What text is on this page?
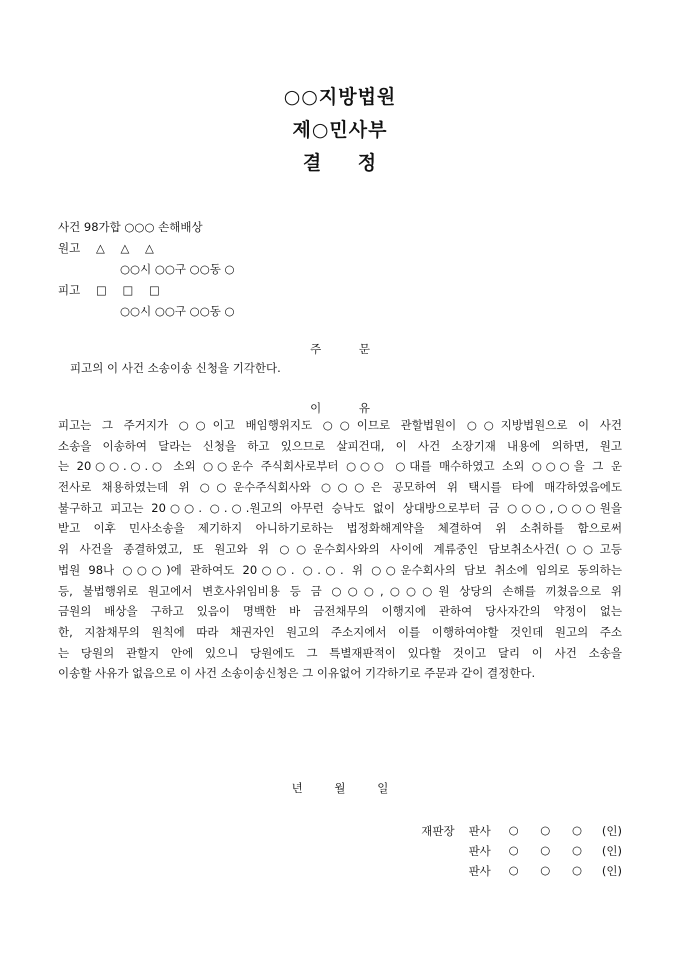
○○지방법원
제○민사부
결 정
사건 98가합 ○○○ 손해배상
원고 △ △ △
○○시 ○○구 ○○동 ○
피고 □ □ □
○○시 ○○구 ○○동 ○
주 문
피고의 이 사건 소송이송 신청을 기각한다.
이 유
피고는 그 주거지가 ○○이고 배임행위지도 ○○이므로 관할법원이 ○○지방법원으로 이 사건
소송을 이송하여 달라는 신청을 하고 있으므로 살피건대, 이 사건 소장기재 내용에 의하면, 원고
는 20○○.○.○ 소외 ○○운수 주식회사로부터 ○○○ ○대를 매수하였고 소외 ○○○을 그 운
전사로 채용하였는데 위 ○○운수주식회사와 ○○○은 공모하여 위 택시를 타에 매각하였음에도
불구하고 피고는 20○○. ○.○.원고의 아무런 승낙도 없이 상대방으로부터 금 ○○○,○○○원을
받고 이후 민사소송을 제기하지 아니하기로하는 법정화해계약을 체결하여 위 소취하를 함으로써
위 사건을 종결하였고, 또 원고와 위 ○○운수회사와의 사이에 계류중인 담보취소사건(○○고등
법원 98나 ○○○)에 관하여도 20○○. ○.○. 위 ○○운수회사의 담보 취소에 임의로 동의하는
등, 불법행위로 원고에서 변호사위임비용 등 금 ○○○,○○○원 상당의 손해를 끼쳤음으로 위
금원의 배상을 구하고 있음이 명백한 바 금전채무의 이행지에 관하여 당사자간의 약정이 없는
한, 지참채무의 원칙에 따라 채권자인 원고의 주소지에서 이를 이행하여야할 것인데 원고의 주소
는 당원의 관할지 안에 있으니 당원에도 그 특별재판적이 있다할 것이고 달리 이 사건 소송을
이송할 사유가 없음으로 이 사건 소송이송신청은 그 이유없어 기각하기로 주문과 같이 결정한다.
년 월 일
재판장	판사	○ ○ ○	(인)
판사	○ ○ ○	(인)
판사	○ ○ ○	(인)
